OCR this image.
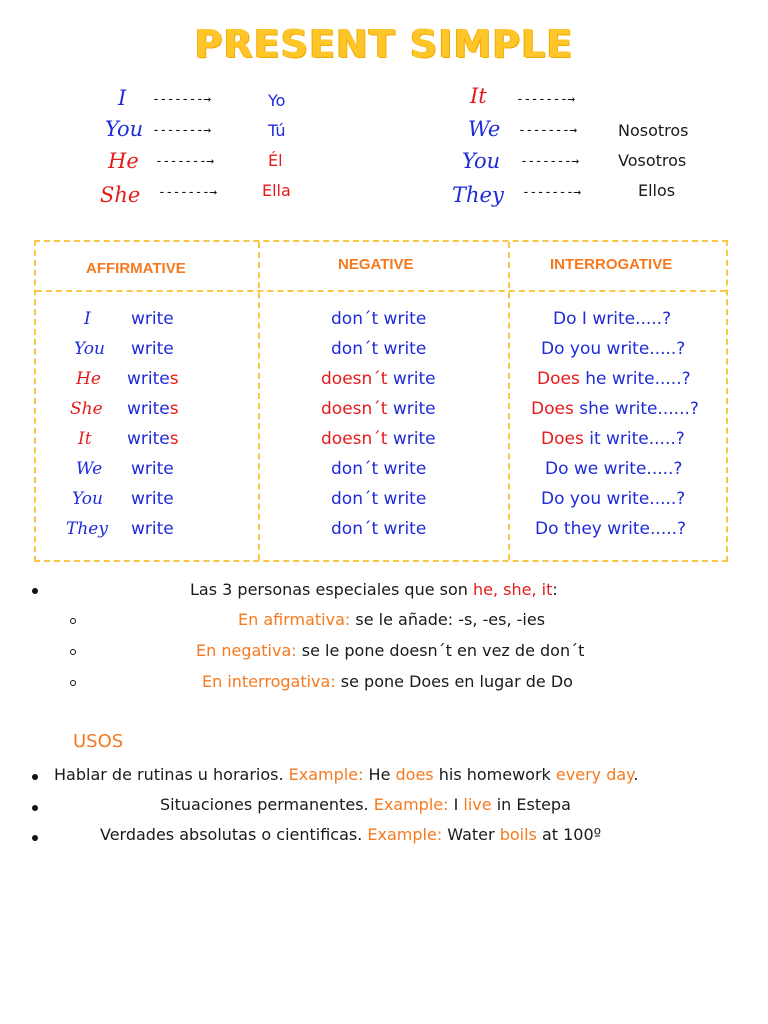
PRESENT SIMPLE
I -------→	Yo
You -------→	Tú
He -------→	Él
She -------→	Ella
It -------→
We -------→	Nosotros
You -------→ Vosotros
They -------→	Ellos
AFFIRMATIVE	NEGATIVE	INTERROGATIVE
I write	don´t write	Do I write.....?
You write	don´t write	Do you write.....?
He writes	doesn´t write	Does he write.....?
She writes	doesn´t write	Does she write......?
It writes	doesn´t write	Does it write.....?
We write	don´t write	Do we write.....?
You write	don´t write	Do you write.....?
They write	don´t write	Do they write.....?
Las 3 personas especiales que son he, she, it:
En afirmativa: se le añade: -s, -es, -ies
En negativa: se le pone doesn´t en vez de don´t
En interrogativa: se pone Does en lugar de Do
USOS
Hablar de rutinas u horarios. Example: He does his homework every day.
Situaciones permanentes. Example: I live in Estepa
Verdades absolutas o cientificas. Example: Water boils at 100º
